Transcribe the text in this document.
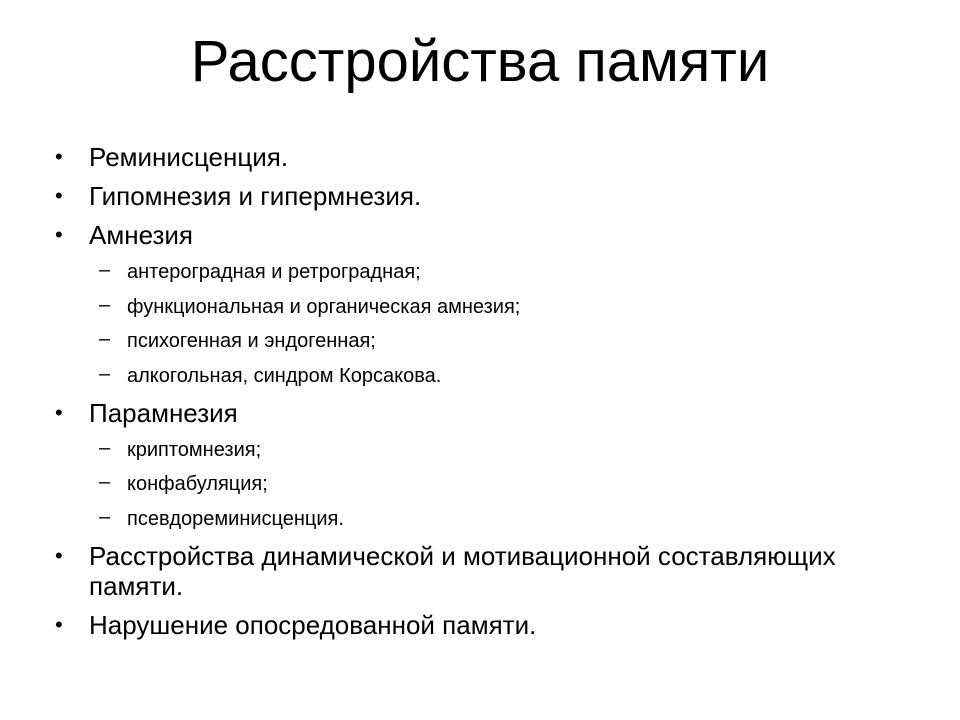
Расстройства памяти
• Реминисценция.
• Гипомнезия и гипермнезия.
• Амнезия
– антероградная и ретроградная;
– функциональная и органическая амнезия;
– психогенная и эндогенная;
– алкогольная, синдром Корсакова.
• Парамнезия
– криптомнезия;
– конфабуляция;
– псевдореминисценция.
• Расстройства динамической и мотивационной составляющих памяти.
• Нарушение опосредованной памяти.
